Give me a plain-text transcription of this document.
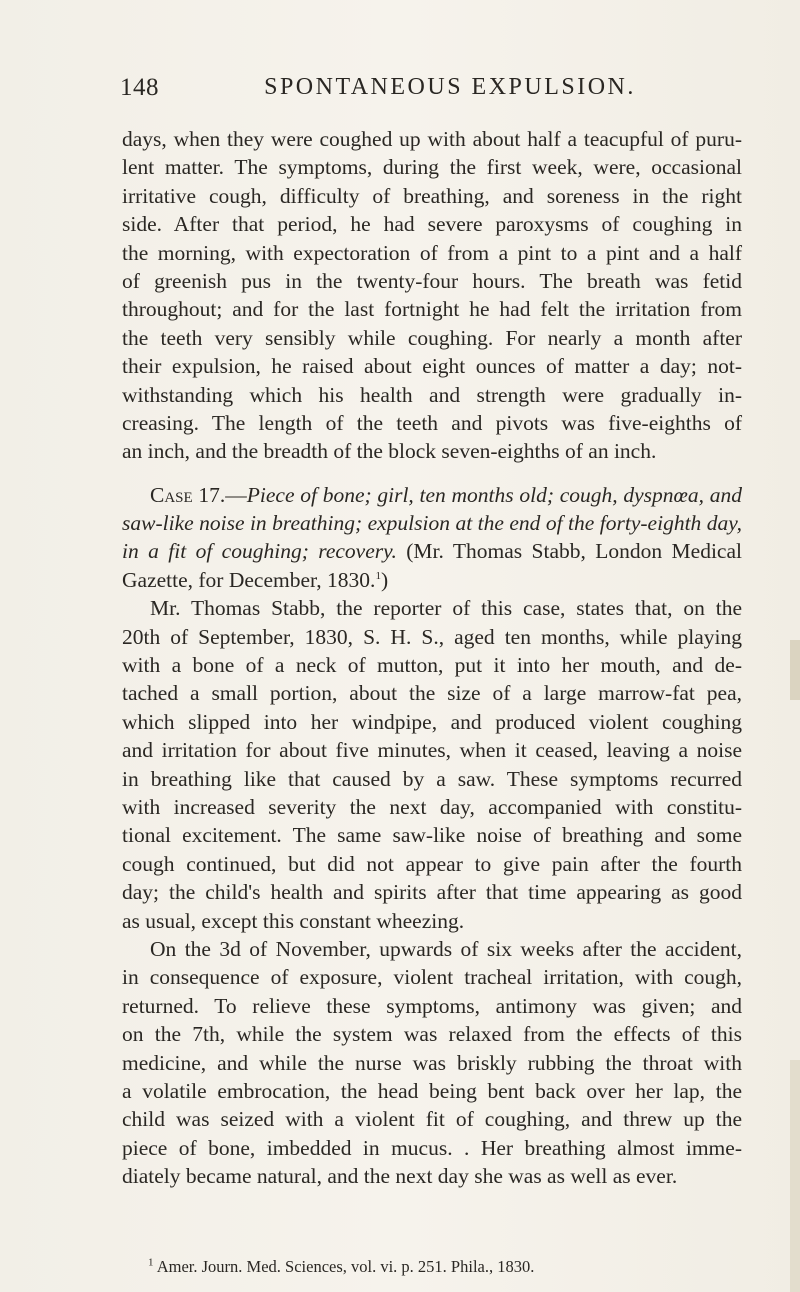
148	SPONTANEOUS EXPULSION.
days, when they were coughed up with about half a teacupful of puru-
lent matter. The symptoms, during the first week, were, occasional
irritative cough, difficulty of breathing, and soreness in the right
side. After that period, he had severe paroxysms of coughing in
the morning, with expectoration of from a pint to a pint and a half
of greenish pus in the twenty-four hours. The breath was fetid
throughout; and for the last fortnight he had felt the irritation from
the teeth very sensibly while coughing. For nearly a month after
their expulsion, he raised about eight ounces of matter a day; not-
withstanding which his health and strength were gradually in-
creasing. The length of the teeth and pivots was five-eighths of
an inch, and the breadth of the block seven-eighths of an inch.
Case 17.—Piece of bone; girl, ten months old; cough, dyspnœa, and
saw-like noise in breathing; expulsion at the end of the forty-eighth day,
in a fit of coughing; recovery. (Mr. Thomas Stabb, London Medical
Gazette, for December, 1830.$^1$)
Mr. Thomas Stabb, the reporter of this case, states that, on the
20th of September, 1830, S. H. S., aged ten months, while playing
with a bone of a neck of mutton, put it into her mouth, and de-
tached a small portion, about the size of a large marrow-fat pea,
which slipped into her windpipe, and produced violent coughing
and irritation for about five minutes, when it ceased, leaving a noise
in breathing like that caused by a saw. These symptoms recurred
with increased severity the next day, accompanied with constitu-
tional excitement. The same saw-like noise of breathing and some
cough continued, but did not appear to give pain after the fourth
day; the child's health and spirits after that time appearing as good
as usual, except this constant wheezing.
On the 3d of November, upwards of six weeks after the accident,
in consequence of exposure, violent tracheal irritation, with cough,
returned. To relieve these symptoms, antimony was given; and
on the 7th, while the system was relaxed from the effects of this
medicine, and while the nurse was briskly rubbing the throat with
a volatile embrocation, the head being bent back over her lap, the
child was seized with a violent fit of coughing, and threw up the
piece of bone, imbedded in mucus. . Her breathing almost imme-
diately became natural, and the next day she was as well as ever.
$^1$ Amer. Journ. Med. Sciences, vol. vi. p. 251. Phila., 1830.
